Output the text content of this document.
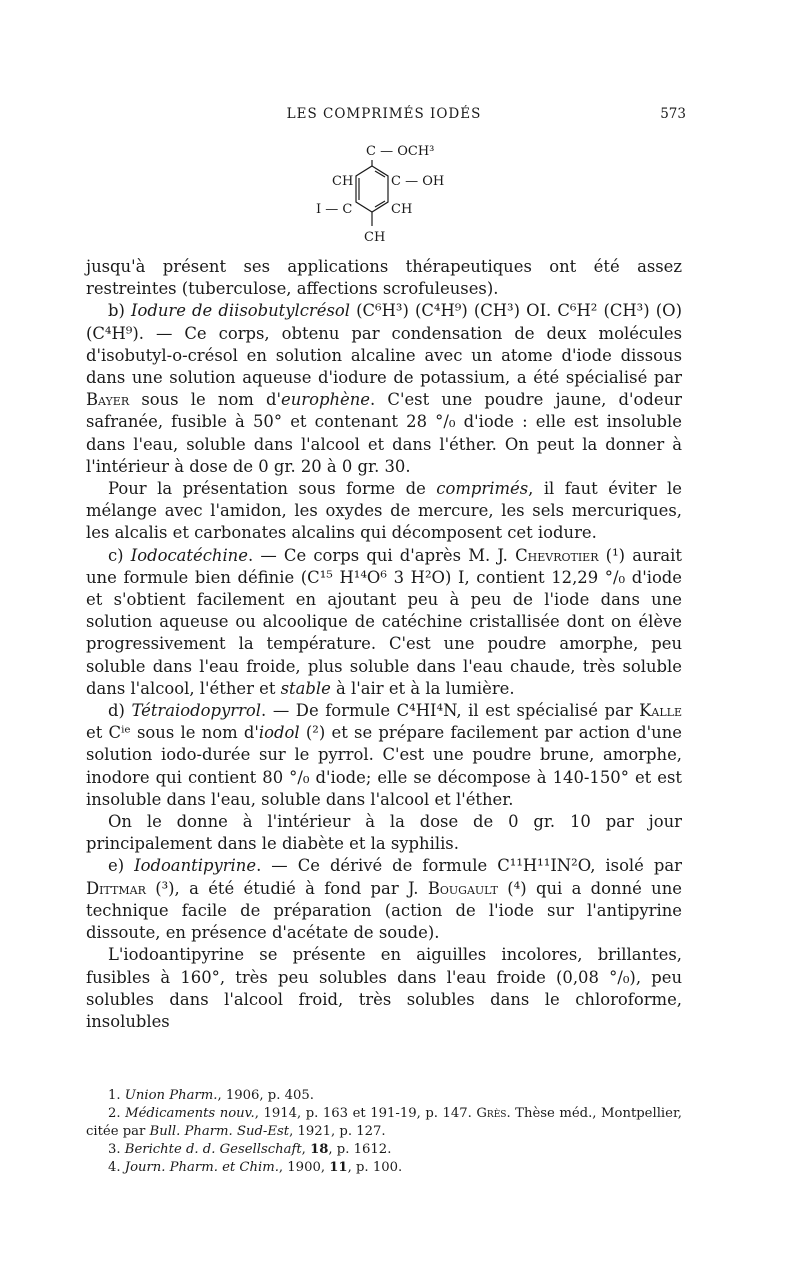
LES COMPRIMÉS IODÉS	573
C — OCH³
CH	C — OH
I — C	CH
CH

jusqu'à présent ses applications thérapeutiques ont été assez restreintes (tuberculose, affections scrofuleuses).

b) Iodure de diisobutylcrésol (C⁶H³) (C⁴H⁹) (CH³) OI. C⁶H² (CH³) (O) (C⁴H⁹). — Ce corps, obtenu par condensation de deux molécules d'isobutyl-o-crésol en solution alcaline avec un atome d'iode dissous dans une solution aqueuse d'iodure de potassium, a été spécialisé par Bayer sous le nom d'europhène. C'est une poudre jaune, d'odeur safranée, fusible à 50° et contenant 28 °/₀ d'iode : elle est insoluble dans l'eau, soluble dans l'alcool et dans l'éther. On peut la donner à l'intérieur à dose de 0 gr. 20 à 0 gr. 30.

Pour la présentation sous forme de comprimés, il faut éviter le mélange avec l'amidon, les oxydes de mercure, les sels mercuriques, les alcalis et carbonates alcalins qui décomposent cet iodure.

c) Iodocatéchine. — Ce corps qui d'après M. J. Chevrotier (¹) aurait une formule bien définie (C¹⁵ H¹⁴O⁶ 3 H²O) I, contient 12,29 °/₀ d'iode et s'obtient facilement en ajoutant peu à peu de l'iode dans une solution aqueuse ou alcoolique de catéchine cristallisée dont on élève progressivement la température. C'est une poudre amorphe, peu soluble dans l'eau froide, plus soluble dans l'eau chaude, très soluble dans l'alcool, l'éther et stable à l'air et à la lumière.

d) Tétraiodopyrrol. — De formule C⁴HI⁴N, il est spécialisé par Kalle et Cⁱᵉ sous le nom d'iodol (²) et se prépare facilement par action d'une solution iodo-durée sur le pyrrol. C'est une poudre brune, amorphe, inodore qui contient 80 °/₀ d'iode; elle se décompose à 140-150° et est insoluble dans l'eau, soluble dans l'alcool et l'éther.

On le donne à l'intérieur à la dose de 0 gr. 10 par jour principalement dans le diabète et la syphilis.

e) Iodoantipyrine. — Ce dérivé de formule C¹¹H¹¹IN²O, isolé par Dittmar (³), a été étudié à fond par J. Bougault (⁴) qui a donné une technique facile de préparation (action de l'iode sur l'antipyrine dissoute, en présence d'acétate de soude).

L'iodoantipyrine se présente en aiguilles incolores, brillantes, fusibles à 160°, très peu solubles dans l'eau froide (0,08 °/₀), peu solubles dans l'alcool froid, très solubles dans le chloroforme, insolubles

1. Union Pharm., 1906, p. 405.

2. Médicaments nouv., 1914, p. 163 et 191-19, p. 147. Grès. Thèse méd., Montpellier, citée par Bull. Pharm. Sud-Est, 1921, p. 127.

3. Berichte d. d. Gesellschaft, 18, p. 1612.

4. Journ. Pharm. et Chim., 1900, 11, p. 100.
